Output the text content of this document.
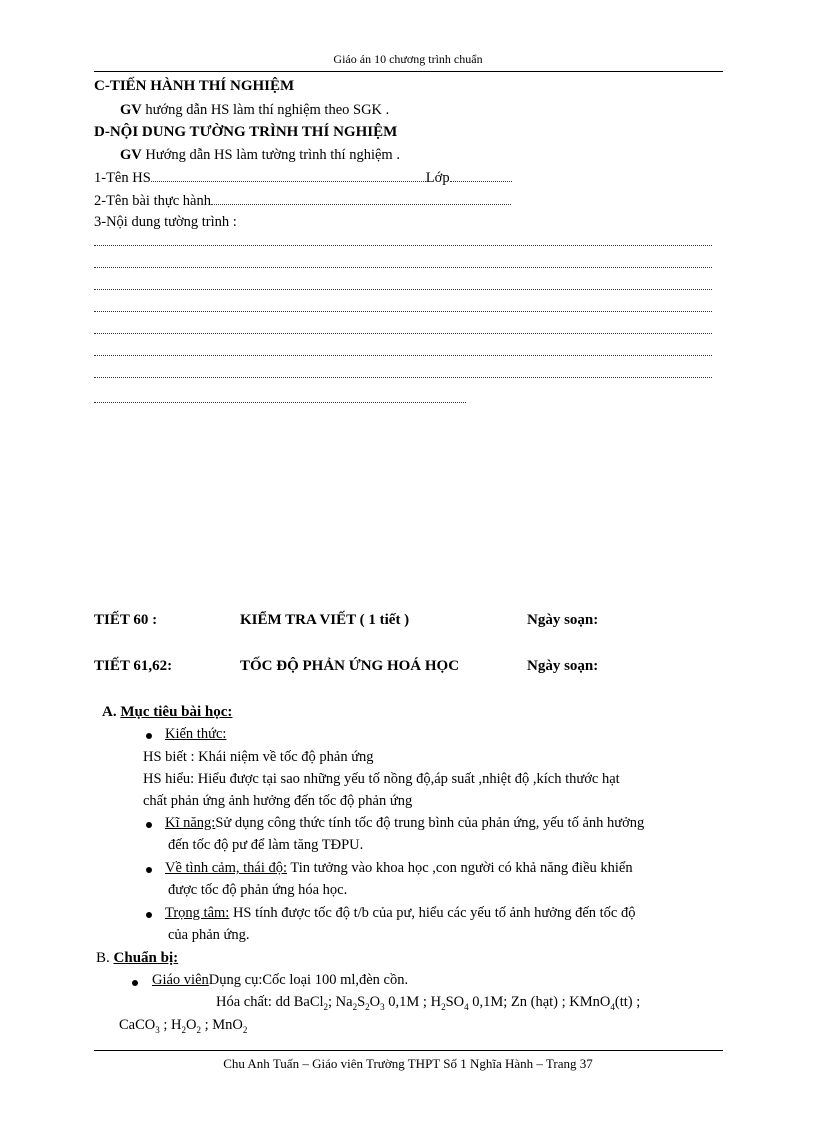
Giáo án 10 chương trình chuẩn
C-TIẾN HÀNH THÍ NGHIỆM
GV hướng dẫn HS làm thí nghiệm theo SGK .
D-NỘI DUNG TƯỜNG TRÌNH THÍ NGHIỆM
GV Hướng dẫn HS làm tường trình thí nghiệm .
1-Tên HS	Lớp
2-Tên bài thực hành
3-Nội dung tường trình :
TIẾT 60 :	KIỂM TRA VIẾT ( 1 tiết )	Ngày soạn:
TIẾT 61,62:	TỐC ĐỘ PHẢN ỨNG HOÁ HỌC	Ngày soạn:
A. Mục tiêu bài học:
Kiến thức:
HS biết : Khái niệm về tốc độ phản ứng
HS hiểu: Hiểu được tại sao những yếu tố nồng độ,áp suất ,nhiệt độ ,kích thước hạt
chất phản ứng ảnh hưởng đến tốc độ phản ứng
Kĩ năng:Sử dụng công thức tính tốc độ trung bình của phản ứng, yếu tố ảnh hưởng
đến tốc độ pư để làm tăng TĐPU.
Về tình cảm, thái độ: Tin tưởng vào khoa học ,con người có khả năng điều khiển
được tốc độ phản ứng hóa học.
Trọng tâm: HS tính được tốc độ t/b của pư, hiểu các yếu tố ảnh hưởng đến tốc độ
của phản ứng.
B. Chuẩn bị:
Giáo viênDụng cụ:Cốc loại 100 ml,đèn cồn.
Hóa chất: dd BaCl$_2$; $Na_2S_2O_3$ 0,1M ; $H_2SO_4$ 0,1M; Zn (hạt) ; KMnO$_4$(tt) ;
CaCO$_3$ ; $H_2O_2$ ; MnO$_2$
Chu Anh Tuấn – Giáo viên Trường THPT Số 1 Nghĩa Hành – Trang 37
